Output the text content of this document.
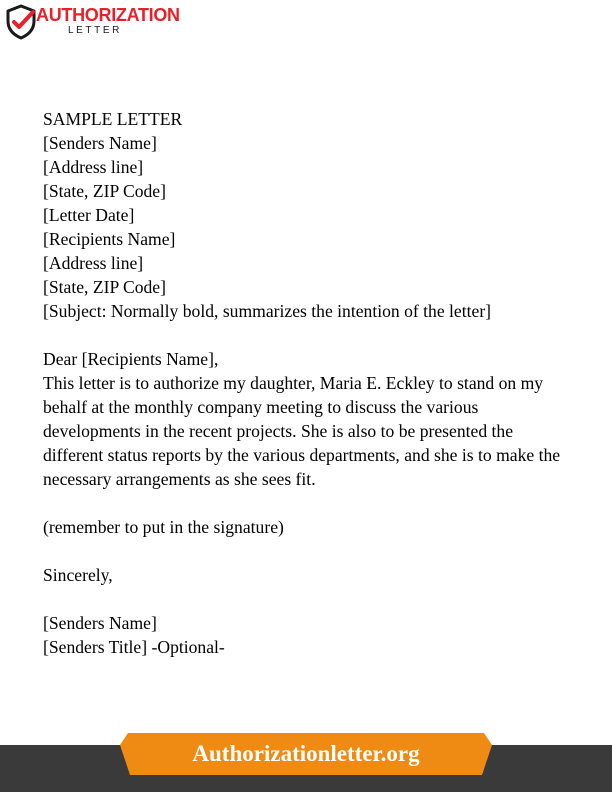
AUTHORIZATION
LETTER
SAMPLE LETTER
[Senders Name]
[Address line]
[State, ZIP Code]
[Letter Date]
[Recipients Name]
[Address line]
[State, ZIP Code]
[Subject: Normally bold, summarizes the intention of the letter]
Dear [Recipients Name],
This letter is to authorize my daughter, Maria E. Eckley to stand on my behalf at the monthly company meeting to discuss the various developments in the recent projects. She is also to be presented the different status reports by the various departments, and she is to make the necessary arrangements as she sees fit.
(remember to put in the signature)
Sincerely,
[Senders Name]
[Senders Title] -Optional-
Authorizationletter.org
